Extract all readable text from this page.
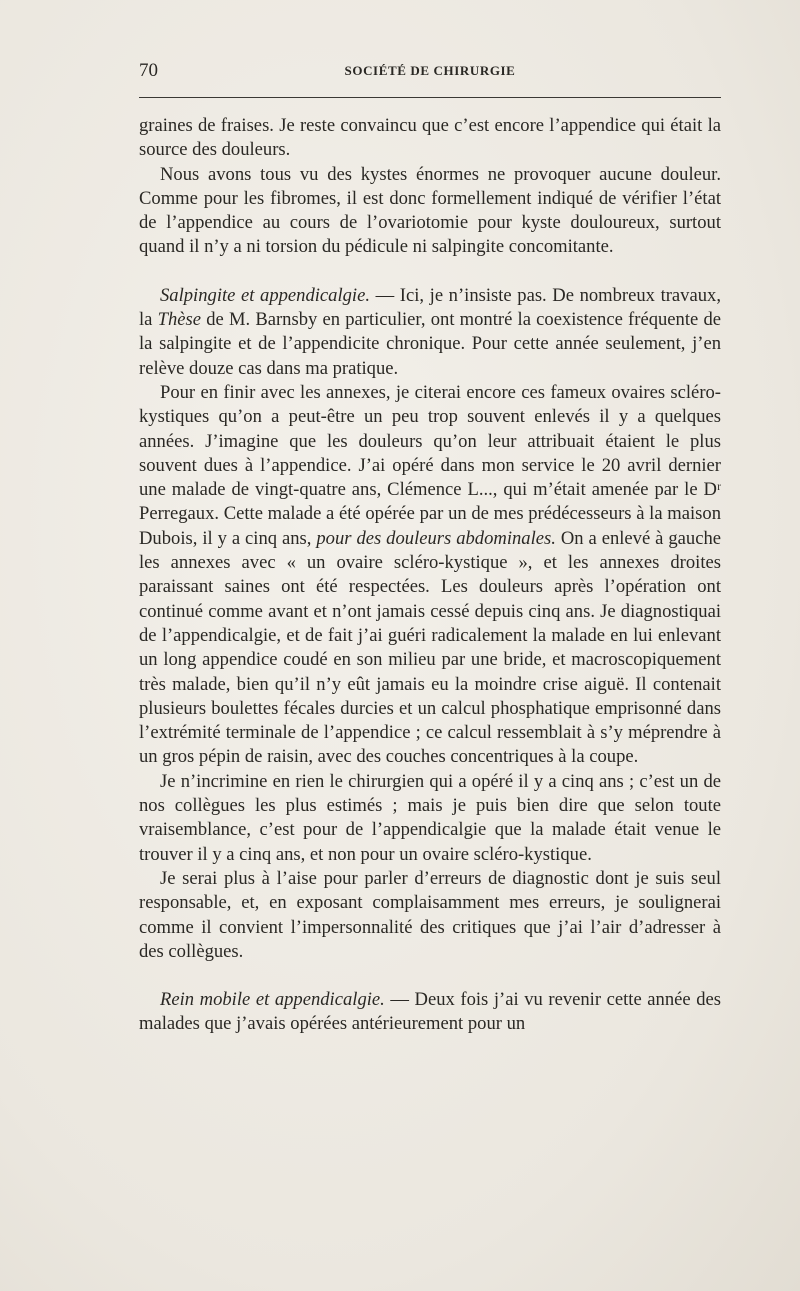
70	SOCIÉTÉ DE CHIRURGIE

graines de fraises. Je reste convaincu que c’est encore l’appendice qui était la source des douleurs.

Nous avons tous vu des kystes énormes ne provoquer aucune douleur. Comme pour les fibromes, il est donc formellement indiqué de vérifier l’état de l’appendice au cours de l’ovariotomie pour kyste douloureux, surtout quand il n’y a ni torsion du pédicule ni salpingite concomitante.

Salpingite et appendicalgie. — Ici, je n’insiste pas. De nombreux travaux, la Thèse de M. Barnsby en particulier, ont montré la coexistence fréquente de la salpingite et de l’appendicite chronique. Pour cette année seulement, j’en relève douze cas dans ma pratique.

Pour en finir avec les annexes, je citerai encore ces fameux ovaires scléro-kystiques qu’on a peut-être un peu trop souvent enlevés il y a quelques années. J’imagine que les douleurs qu’on leur attribuait étaient le plus souvent dues à l’appendice. J’ai opéré dans mon service le 20 avril dernier une malade de vingt-quatre ans, Clémence L..., qui m’était amenée par le Dʳ Perregaux. Cette malade a été opérée par un de mes prédécesseurs à la maison Dubois, il y a cinq ans, pour des douleurs abdominales. On a enlevé à gauche les annexes avec « un ovaire scléro-kystique », et les annexes droites paraissant saines ont été respectées. Les douleurs après l’opération ont continué comme avant et n’ont jamais cessé depuis cinq ans. Je diagnostiquai de l’appendicalgie, et de fait j’ai guéri radicalement la malade en lui enlevant un long appendice coudé en son milieu par une bride, et macroscopiquement très malade, bien qu’il n’y eût jamais eu la moindre crise aiguë. Il contenait plusieurs boulettes fécales durcies et un calcul phosphatique emprisonné dans l’extrémité terminale de l’appendice ; ce calcul ressemblait à s’y méprendre à un gros pépin de raisin, avec des couches concentriques à la coupe.

Je n’incrimine en rien le chirurgien qui a opéré il y a cinq ans ; c’est un de nos collègues les plus estimés ; mais je puis bien dire que selon toute vraisemblance, c’est pour de l’appendicalgie que la malade était venue le trouver il y a cinq ans, et non pour un ovaire scléro-kystique.

Je serai plus à l’aise pour parler d’erreurs de diagnostic dont je suis seul responsable, et, en exposant complaisamment mes erreurs, je soulignerai comme il convient l’impersonnalité des critiques que j’ai l’air d’adresser à des collègues.

Rein mobile et appendicalgie. — Deux fois j’ai vu revenir cette année des malades que j’avais opérées antérieurement pour un
